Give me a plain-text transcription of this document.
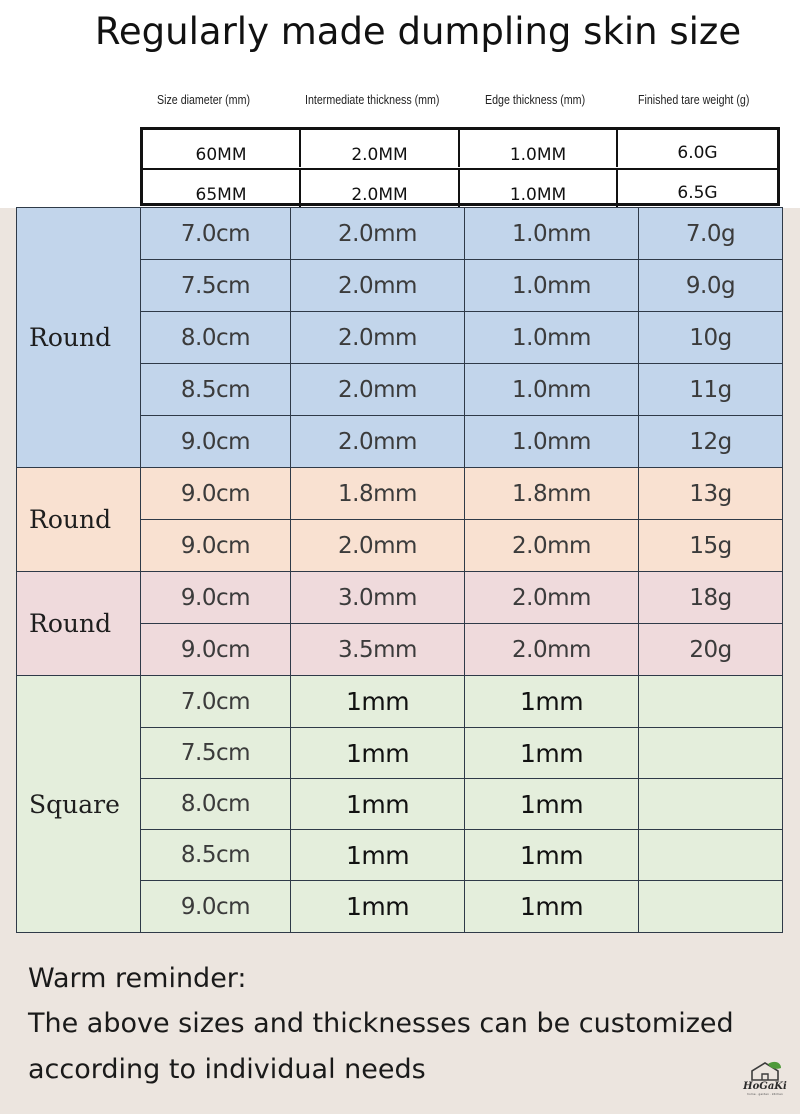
Regularly made dumpling skin size
Size diameter (mm)	Intermediate thickness (mm)	Edge thickness (mm)	Finished tare weight (g)
60MM	2.0MM	1.0MM	6.0G
65MM	2.0MM	1.0MM	6.5G
Round
7.0cm	2.0mm	1.0mm	7.0g
7.5cm	2.0mm	1.0mm	9.0g
8.0cm	2.0mm	1.0mm	10g
8.5cm	2.0mm	1.0mm	11g
9.0cm	2.0mm	1.0mm	12g
Round
9.0cm	1.8mm	1.8mm	13g
9.0cm	2.0mm	2.0mm	15g
Round
9.0cm	3.0mm	2.0mm	18g
9.0cm	3.5mm	2.0mm	20g
Square
7.0cm	1mm	1mm
7.5cm	1mm	1mm
8.0cm	1mm	1mm
8.5cm	1mm	1mm
9.0cm	1mm	1mm
Warm reminder:
The above sizes and thicknesses can be customized
according to individual needs
HoGaKi
home · garden · kitchen
